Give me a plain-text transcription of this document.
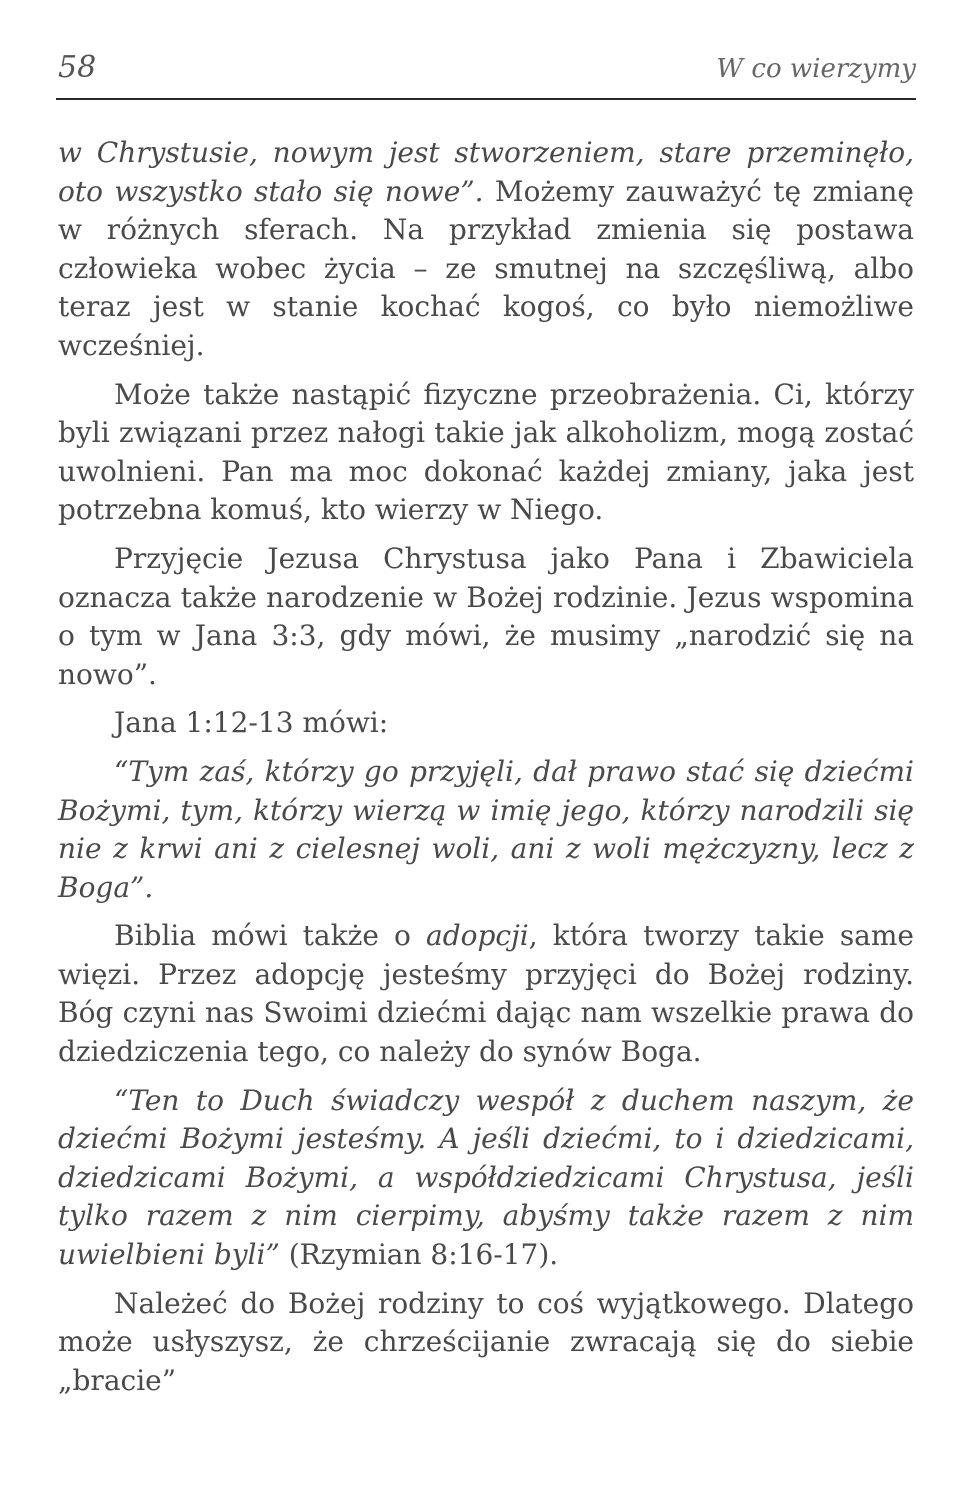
58	W co wierzymy

w Chrystusie, nowym jest stworzeniem, stare przeminęło, oto wszystko stało się nowe”. Możemy zauważyć tę zmianę w różnych sferach. Na przykład zmienia się postawa człowieka wobec życia – ze smutnej na szczęśliwą, albo teraz jest w stanie kochać kogoś, co było niemożliwe wcześniej.

Może także nastąpić fizyczne przeobrażenia. Ci, którzy byli związani przez nałogi takie jak alkoholizm, mogą zostać uwolnieni. Pan ma moc dokonać każdej zmiany, jaka jest potrzebna komuś, kto wierzy w Niego.

Przyjęcie Jezusa Chrystusa jako Pana i Zbawiciela oznacza także narodzenie w Bożej rodzinie. Jezus wspomina o tym w Jana 3:3, gdy mówi, że musimy „narodzić się na nowo”.

Jana 1:12-13 mówi:

“Tym zaś, którzy go przyjęli, dał prawo stać się dziećmi Bożymi, tym, którzy wierzą w imię jego, którzy narodzili się nie z krwi ani z cielesnej woli, ani z woli mężczyzny, lecz z Boga”.

Biblia mówi także o adopcji, która tworzy takie same więzi. Przez adopcję jesteśmy przyjęci do Bożej rodziny. Bóg czyni nas Swoimi dziećmi dając nam wszelkie prawa do dziedziczenia tego, co należy do synów Boga.

“Ten to Duch świadczy wespół z duchem naszym, że dziećmi Bożymi jesteśmy. A jeśli dziećmi, to i dziedzicami, dziedzicami Bożymi, a współdziedzicami Chrystusa, jeśli tylko razem z nim cierpimy, abyśmy także razem z nim uwielbieni byli” (Rzymian 8:16-17).

Należeć do Bożej rodziny to coś wyjątkowego. Dlatego może usłyszysz, że chrześcijanie zwracają się do siebie „bracie”
